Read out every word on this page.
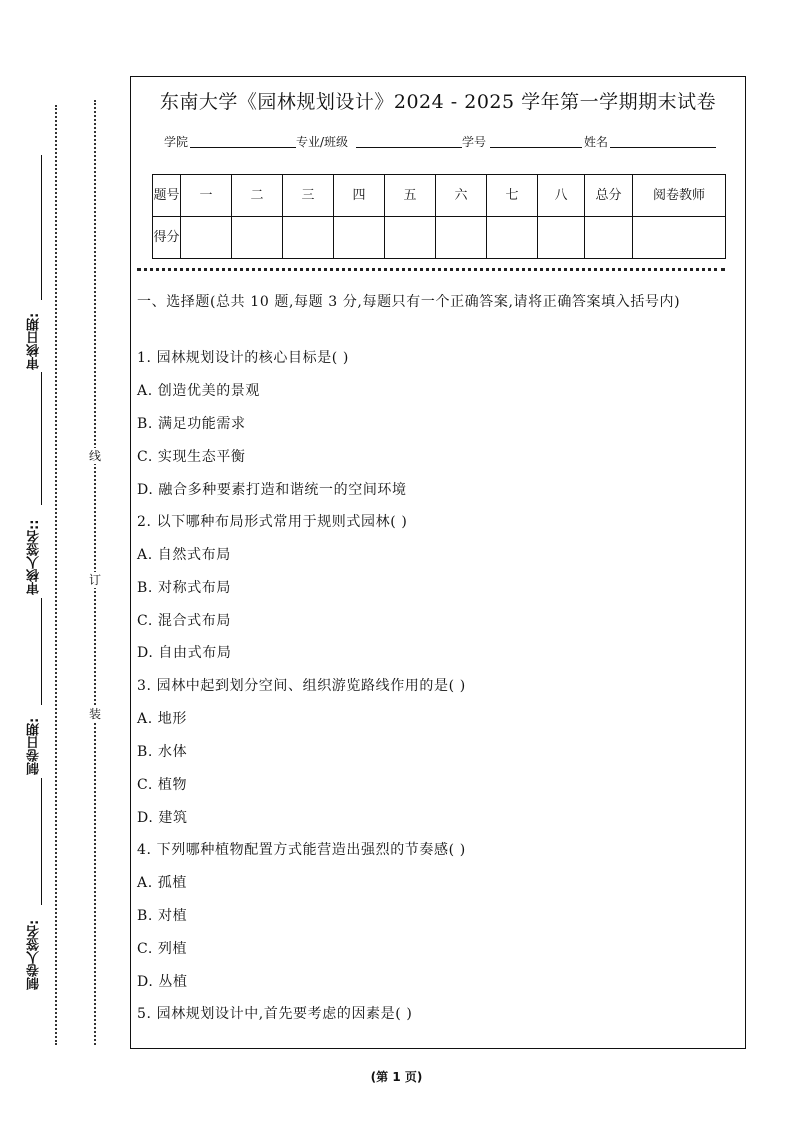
审核日期:
审核人签名::
制卷日期:
制卷人签名:
线
订
装
东南大学《园林规划设计》2024 - 2025 学年第一学期期末试卷
学院	专业/班级	学号	姓名
题号	一	二	三	四	五	六	七	八	总分	阅卷教师
得分										
一、选择题(总共 10 题,每题 3 分,每题只有一个正确答案,请将正确答案填入括号内)
1. 园林规划设计的核心目标是( )
A. 创造优美的景观
B. 满足功能需求
C. 实现生态平衡
D. 融合多种要素打造和谐统一的空间环境
2. 以下哪种布局形式常用于规则式园林( )
A. 自然式布局
B. 对称式布局
C. 混合式布局
D. 自由式布局
3. 园林中起到划分空间、组织游览路线作用的是( )
A. 地形
B. 水体
C. 植物
D. 建筑
4. 下列哪种植物配置方式能营造出强烈的节奏感( )
A. 孤植
B. 对植
C. 列植
D. 丛植
5. 园林规划设计中,首先要考虑的因素是( )
(第 1 页)
